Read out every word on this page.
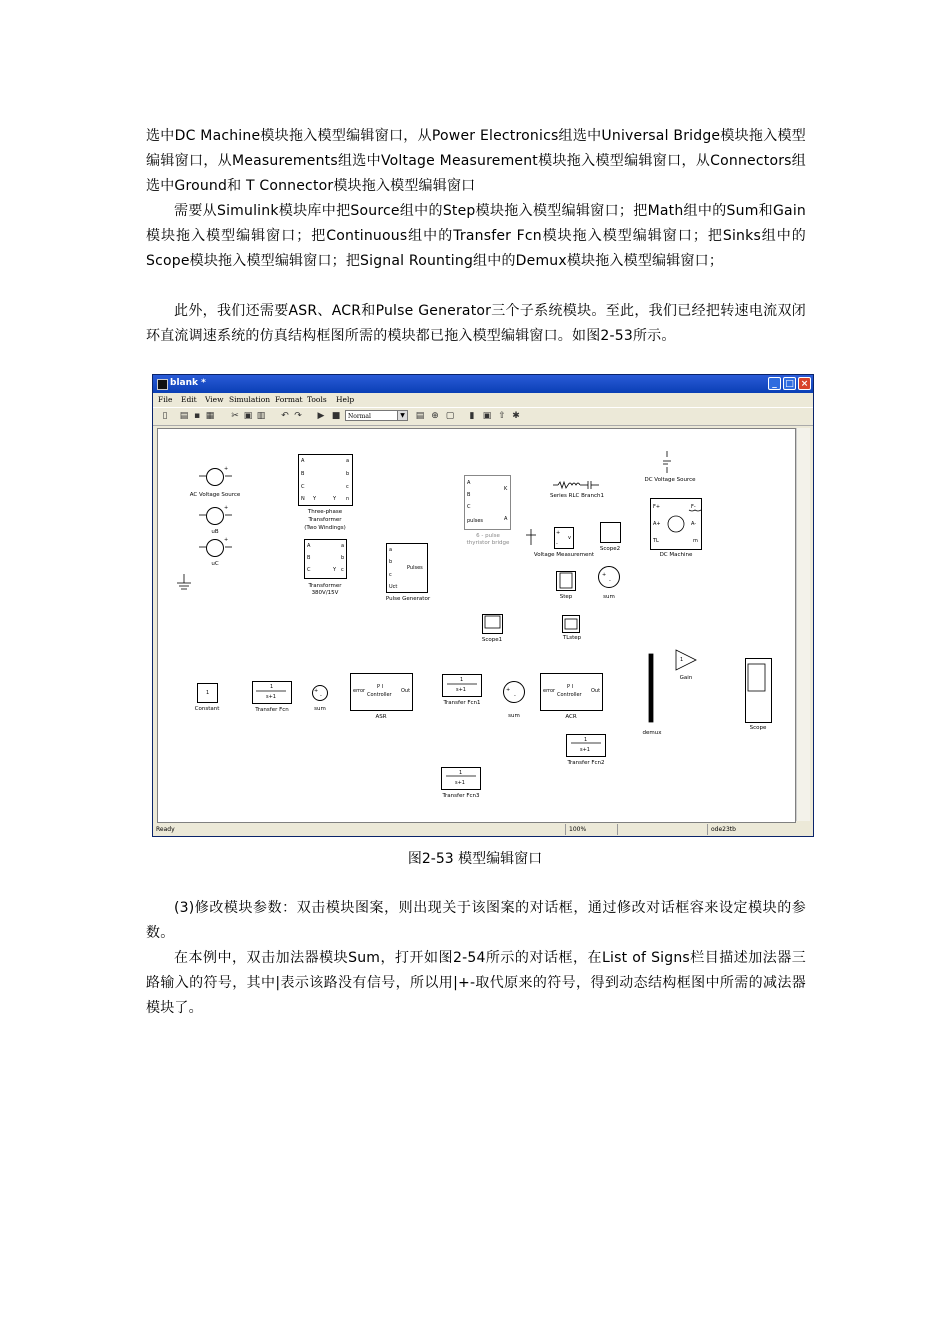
选中DC Machine模块拖入模型编辑窗口，从Power Electronics组选中Universal Bridge模块拖入模型编辑窗口，从Measurements组选中Voltage Measurement模块拖入模型编辑窗口，从Connectors组选中Ground和 T Connector模块拖入模型编辑窗口

需要从Simulink模块库中把Source组中的Step模块拖入模型编辑窗口；把Math组中的Sum和Gain模块拖入模型编辑窗口；把Continuous组中的Transfer Fcn模块拖入模型编辑窗口；把Sinks组中的Scope模块拖入模型编辑窗口；把Signal Rounting组中的Demux模块拖入模型编辑窗口；

此外，我们还需要ASR、ACR和Pulse Generator三个子系统模块。至此，我们已经把转速电流双闭环直流调速系统的仿真结构框图所需的模块都已拖入模型编辑窗口。如图2-53所示。

blank *	_ □ ×
File Edit View Simulation Format Tools Help
▯ ▤ ▪ ▦ ✂ ▣ ▥ ↶ ↷ ▶ ■	▤ ⊕ ▢ ▮ ▣ ⇧ ✱
Normal	▼
+
AC Voltage Source
+
uB
+
uC
A
B
C
N Y	Y
a
b
c
n
Three-phase
Transformer
(Two Windings)
A
B
C	Y
a
b
c
Transformer
380V/15V
a
b
c
Uct
Pulses
Pulse Generator
A
B
C
pulses
K
A
6 - pulse
thyristor bridge
Series RLC Branch1
+
-
v
Voltage Measurement
Scope2
DC Voltage Source
F+	F-
A+	A-
TL	m
DC Machine
Step
+
-
sum
Scope1	TLstep
1
Constant
1
s+1
Transfer Fcn
+
-
sum
error	Out
P I
Controller
ASR
1
s+1
Transfer Fcn1
+
-
sum
error	Out
P I
Controller
ACR
demux
1
Gain
Scope
1
s+1
Transfer Fcn2
1
s+1
Transfer Fcn3
Ready	100%	ode23tb
图2-53 模型编辑窗口

(3)修改模块参数：双击模块图案，则出现关于该图案的对话框，通过修改对话框容来设定模块的参数。

在本例中，双击加法器模块Sum，打开如图2-54所示的对话框，在List of Signs栏目描述加法器三路输入的符号，其中|表示该路没有信号，所以用|+-取代原来的符号，得到动态结构框图中所需的减法器模块了。
